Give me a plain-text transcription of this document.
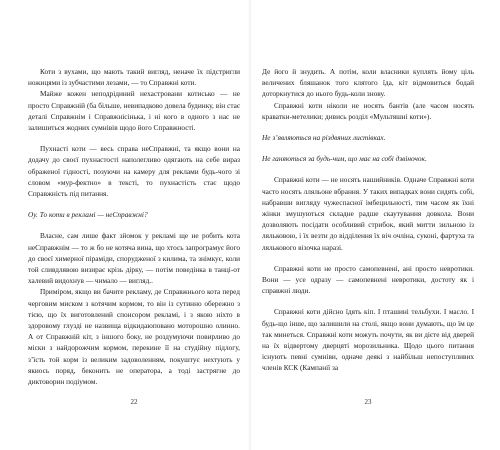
Коти з вухами, що мають такий вигляд, неначе їх підстригли ножицями із зубчастими лезами, — то Справжні коти.

Майже кожен неподрідиний нехастровани котисько — не просто Справжній (ба більше, невипадково довела будинку, він стає деталі Справжнім і Справжнісінька, і ні кого в одного з нас не залишиться жодних сумнівів щодо його Справжності.

Пухнасті коти — весь справа неСправжні, та якщо вони на додачу до своєї пухнастості наполегливо одягають на себе вираз ображеної гідності, позуючи на камеру для реклами будь-чого зі словом «мур-фектно» в тексті, то пухнастість стає щодо Справжність під питання.

Оу. То коти в рекламі — неСправжні?

Власне, сам лише факт зйомок у рекламі ще не робить кота неСправжнім — то ж бо не котяча вина, що хтось запрограмує його до своєї химерної піраміди, спорудженої з килима, та знімкує, коли той сливдлявою визирає крізь дірку, — потім поведінка в танці-от халевий видохнув — чимало — вигляд..

Приміром, якщо ви бачите рекламу, де Справжнього кота перед черговим миском з котячим кормом, то він із сутинно обережно з тією, що їх виготовлений спонсором рекламі, і з якою ніхто в здоровому глузді не назвища відкидаюповано моторошно олинно. А от Справжній кіт, з іншого боку, не роздумуючи повирливо до міски з найдорожчим кормом, перекине її на студійну підлогу, з’їсть той корм із великим задоволенням, покуштує нехтують у якиось поряд, беконить не оператора, а тоді застрягне до диктоворин подіумом.

22

Де його й знудить. А потім, коли власники куплять йому ціль величених бляшанок того клятого їда, кіт відмовиться бодай доторкнутися до нього будь-коли знову.

Справжні коти ніколи не носять бантів (але часом носять краватки-метелики; дивись розділ «Мультяшні коти»).

Не з’являються на різдвяних листівках.

Не ганяються за будь-чим, що має на собі дзвіночок.

Справжні коти — не носять нашийників. Одначе Справжні коти часто носять лляльоне вбрання. У таких випадках вони сидять собі, набравши вигляду чужеспасної імбецильності, тим часом як їхні жінки змушуються складне радше скаутування довкола. Вони дозволяють посідати особливий стрибок, який митти зильною із ляльковою, і їх везти до відділення їх віч очліна, суконі, фартуха та лялькового візочка наразі.

Справжні коти не просто самопевнені, ані просто невротики. Вони — усе одразу — самопевнені невротики, достоту як і справжні люди.

Справжні коти дійсно їдять кіп. І пташині тельбухи. І масло. І будь-що інше, що залишили на столі, якщо вони думають, що їм це так минеться. Справжні коти можуть почути, як ви дієте від дверей на їх відвертому дверцяті морозильника. Щодо цього питання існують певні сумніви, одначе деякі з найбільш непоступливих членів КСК (Кампанії за

23
